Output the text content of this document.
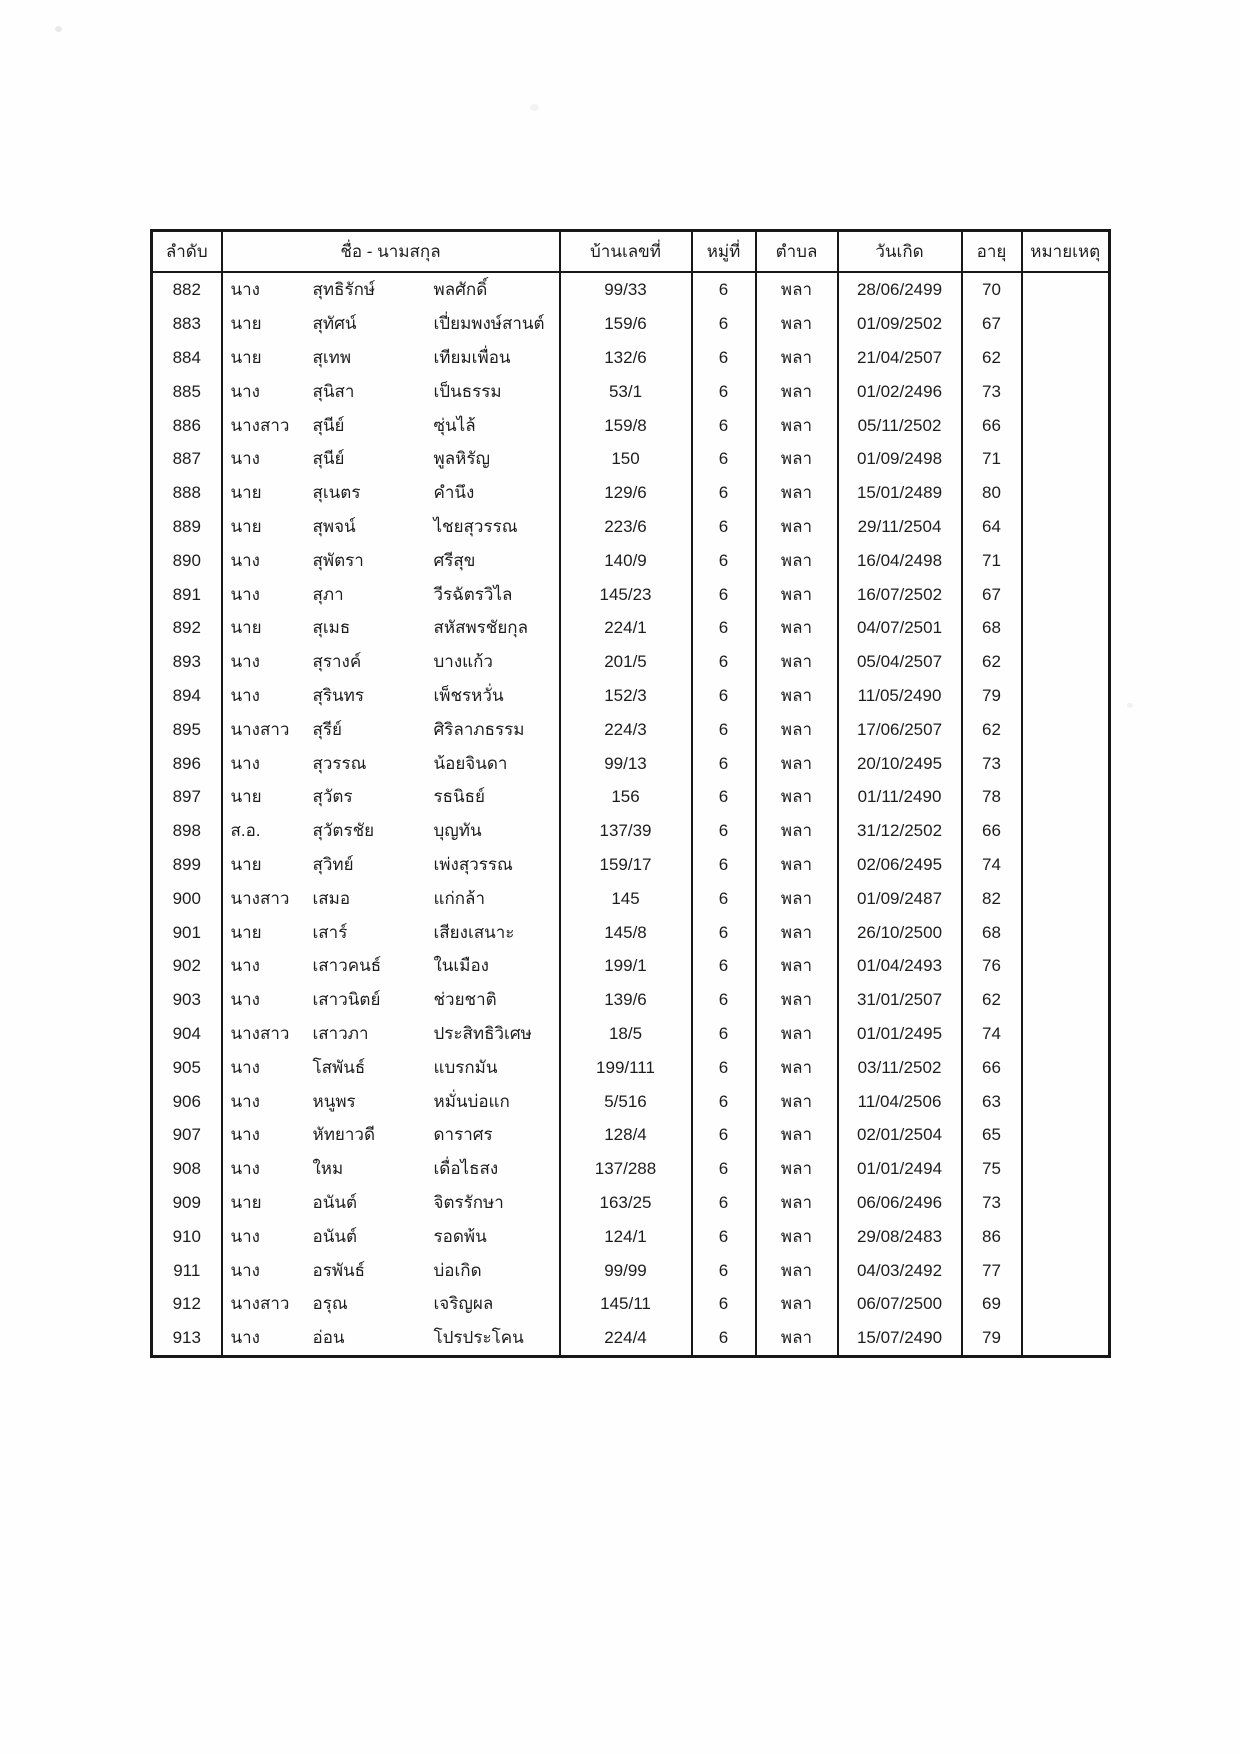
ลำดับ	ชื่อ - นามสกุล	บ้านเลขที่	หมู่ที่	ตำบล	วันเกิด	อายุ	หมายเหตุ
882	นาง สุทธิรักษ์ พลศักดิ์	99/33	6	พลา	28/06/2499	70	
883	นาย สุทัศน์ เปี่ยมพงษ์สานต์	159/6	6	พลา	01/09/2502	67	
884	นาย สุเทพ เทียมเพื่อน	132/6	6	พลา	21/04/2507	62	
885	นาง สุนิสา เป็นธรรม	53/1	6	พลา	01/02/2496	73	
886	นางสาว สุนีย์ ซุ่นไล้	159/8	6	พลา	05/11/2502	66	
887	นาง สุนีย์ พูลหิรัญ	150	6	พลา	01/09/2498	71	
888	นาย สุเนตร คำนึง	129/6	6	พลา	15/01/2489	80	
889	นาย สุพจน์ ไชยสุวรรณ	223/6	6	พลา	29/11/2504	64	
890	นาง สุพัตรา ศรีสุข	140/9	6	พลา	16/04/2498	71	
891	นาง สุภา วีรฉัตรวิไล	145/23	6	พลา	16/07/2502	67	
892	นาย สุเมธ สหัสพรชัยกุล	224/1	6	พลา	04/07/2501	68	
893	นาง สุรางค์ บางแก้ว	201/5	6	พลา	05/04/2507	62	
894	นาง สุรินทร เพ็ชรหวั่น	152/3	6	พลา	11/05/2490	79	
895	นางสาว สุรีย์ ศิริลาภธรรม	224/3	6	พลา	17/06/2507	62	
896	นาง สุวรรณ น้อยจินดา	99/13	6	พลา	20/10/2495	73	
897	นาย สุวัตร รธนิธย์	156	6	พลา	01/11/2490	78	
898	ส.อ. สุวัตรชัย บุญทัน	137/39	6	พลา	31/12/2502	66	
899	นาย สุวิทย์ เพ่งสุวรรณ	159/17	6	พลา	02/06/2495	74	
900	นางสาว เสมอ แก่กล้า	145	6	พลา	01/09/2487	82	
901	นาย เสาร์ เสียงเสนาะ	145/8	6	พลา	26/10/2500	68	
902	นาง เสาวคนธ์ ในเมือง	199/1	6	พลา	01/04/2493	76	
903	นาง เสาวนิตย์ ช่วยชาติ	139/6	6	พลา	31/01/2507	62	
904	นางสาว เสาวภา ประสิทธิวิเศษ	18/5	6	พลา	01/01/2495	74	
905	นาง โสพันธ์ แบรกมัน	199/111	6	พลา	03/11/2502	66	
906	นาง หนูพร หมั่นบ่อแก	5/516	6	พลา	11/04/2506	63	
907	นาง หัทยาวดี ดาราศร	128/4	6	พลา	02/01/2504	65	
908	นาง ใหม เดื่อไธสง	137/288	6	พลา	01/01/2494	75	
909	นาย อนันต์ จิตรรักษา	163/25	6	พลา	06/06/2496	73	
910	นาง อนันต์ รอดพ้น	124/1	6	พลา	29/08/2483	86	
911	นาง อรพันธ์ บ่อเกิด	99/99	6	พลา	04/03/2492	77	
912	นางสาว อรุณ เจริญผล	145/11	6	พลา	06/07/2500	69	
913	นาง อ่อน โปรประโคน	224/4	6	พลา	15/07/2490	79	
